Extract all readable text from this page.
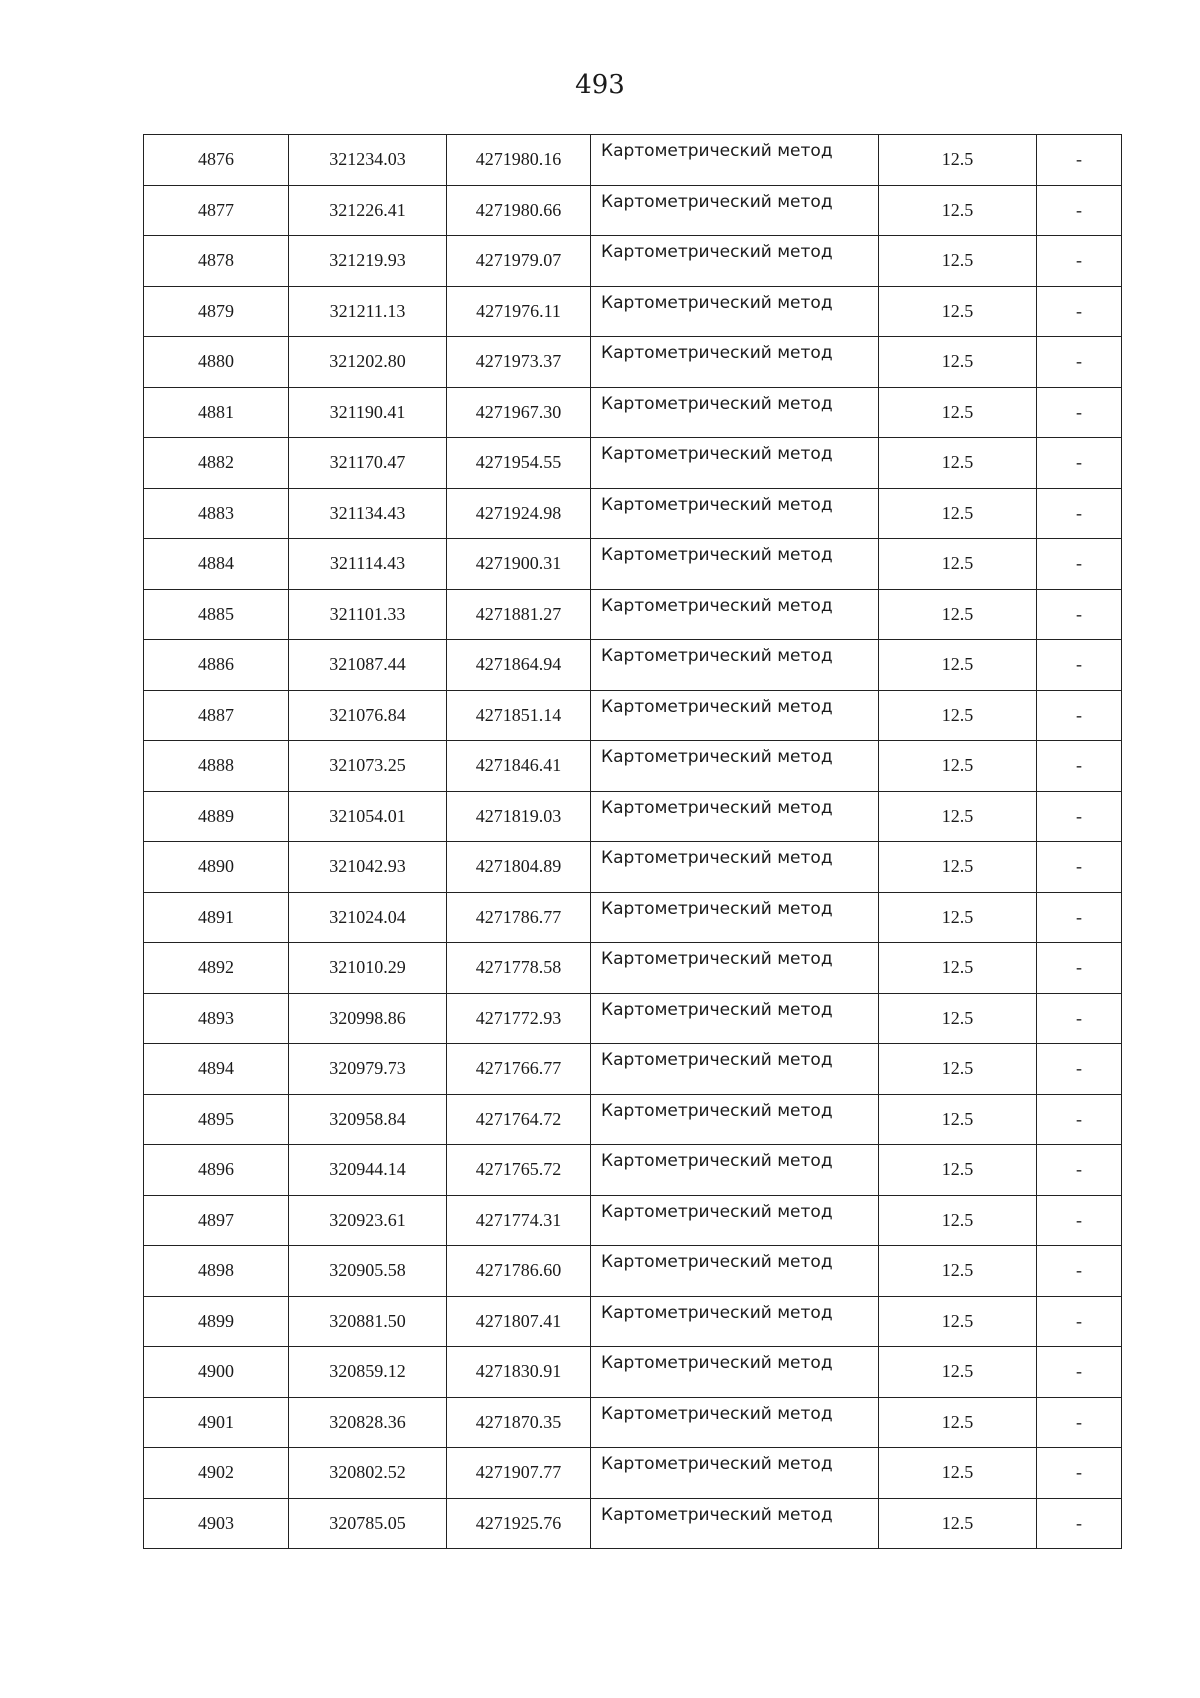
493
4876	321234.03	4271980.16	Картометрический метод	12.5	-
4877	321226.41	4271980.66	Картометрический метод	12.5	-
4878	321219.93	4271979.07	Картометрический метод	12.5	-
4879	321211.13	4271976.11	Картометрический метод	12.5	-
4880	321202.80	4271973.37	Картометрический метод	12.5	-
4881	321190.41	4271967.30	Картометрический метод	12.5	-
4882	321170.47	4271954.55	Картометрический метод	12.5	-
4883	321134.43	4271924.98	Картометрический метод	12.5	-
4884	321114.43	4271900.31	Картометрический метод	12.5	-
4885	321101.33	4271881.27	Картометрический метод	12.5	-
4886	321087.44	4271864.94	Картометрический метод	12.5	-
4887	321076.84	4271851.14	Картометрический метод	12.5	-
4888	321073.25	4271846.41	Картометрический метод	12.5	-
4889	321054.01	4271819.03	Картометрический метод	12.5	-
4890	321042.93	4271804.89	Картометрический метод	12.5	-
4891	321024.04	4271786.77	Картометрический метод	12.5	-
4892	321010.29	4271778.58	Картометрический метод	12.5	-
4893	320998.86	4271772.93	Картометрический метод	12.5	-
4894	320979.73	4271766.77	Картометрический метод	12.5	-
4895	320958.84	4271764.72	Картометрический метод	12.5	-
4896	320944.14	4271765.72	Картометрический метод	12.5	-
4897	320923.61	4271774.31	Картометрический метод	12.5	-
4898	320905.58	4271786.60	Картометрический метод	12.5	-
4899	320881.50	4271807.41	Картометрический метод	12.5	-
4900	320859.12	4271830.91	Картометрический метод	12.5	-
4901	320828.36	4271870.35	Картометрический метод	12.5	-
4902	320802.52	4271907.77	Картометрический метод	12.5	-
4903	320785.05	4271925.76	Картометрический метод	12.5	-
